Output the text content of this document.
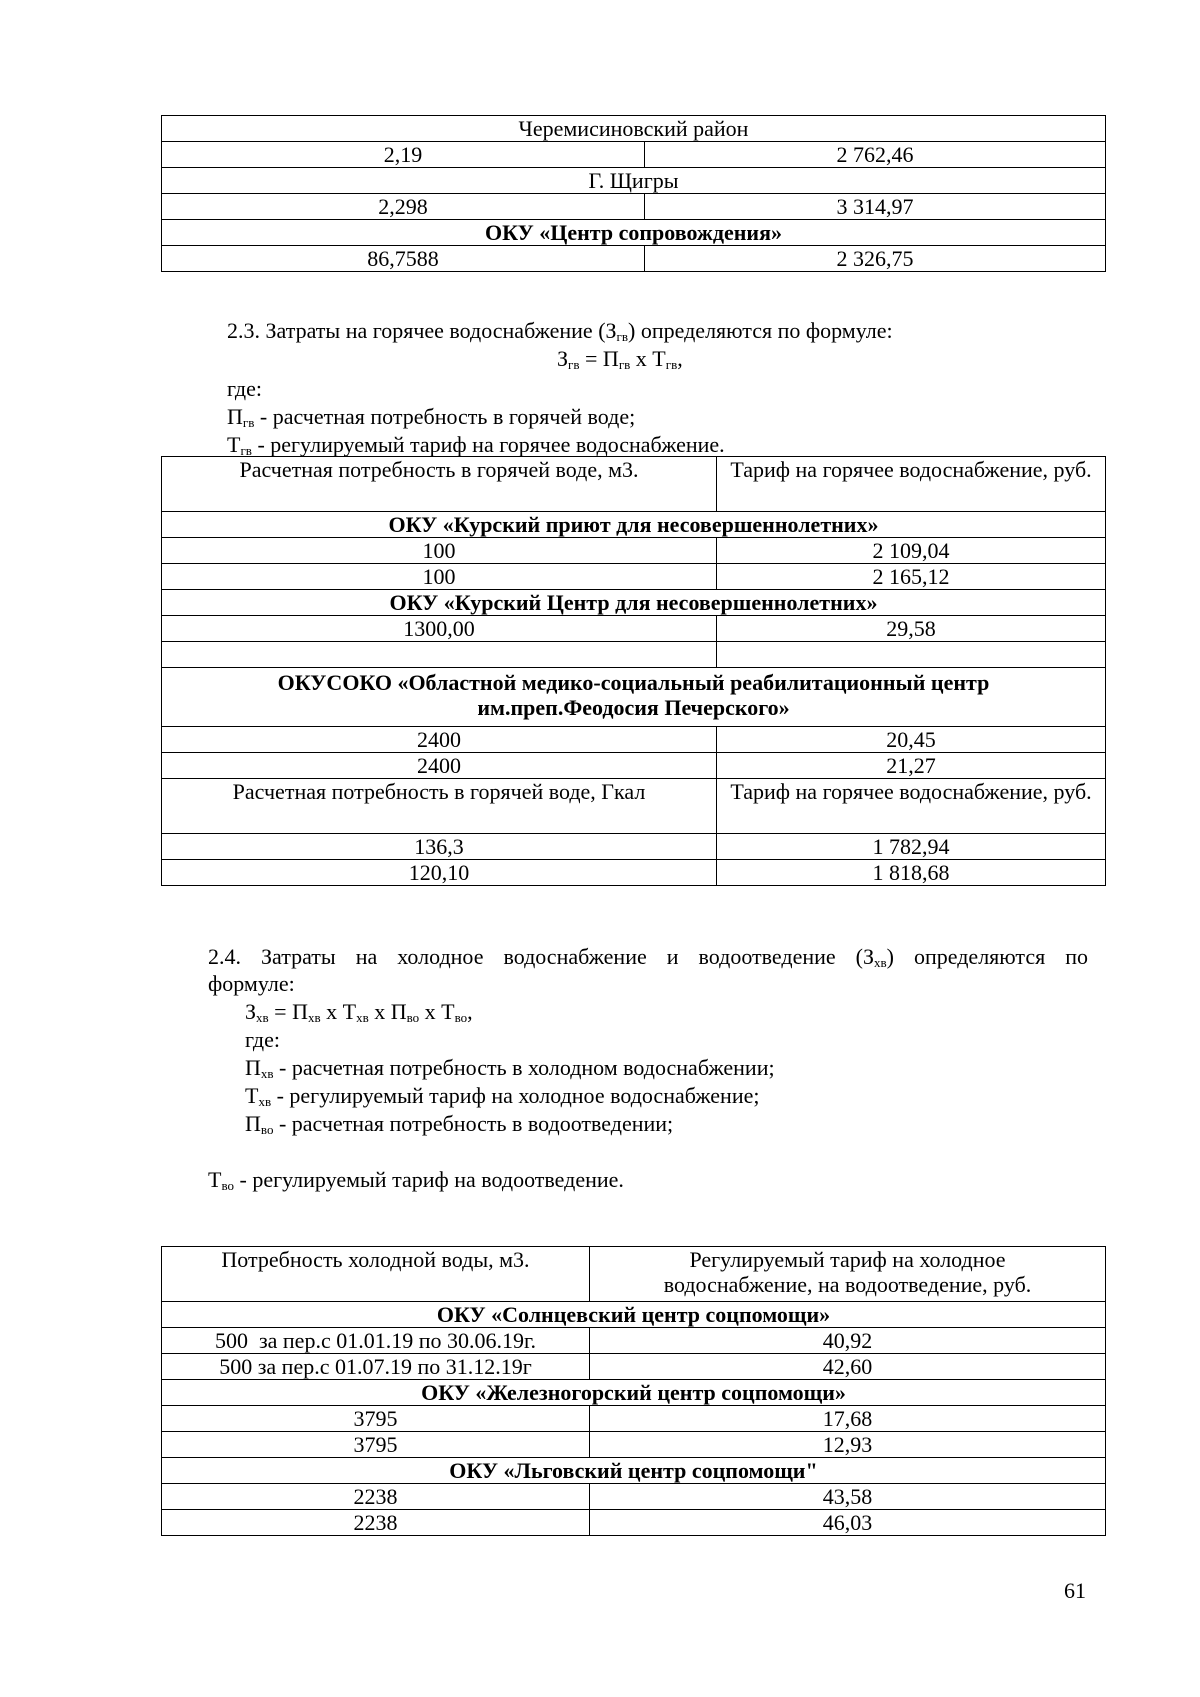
Черемисиновский район	
2,19	2 762,46
Г. Щигры	
2,298	3 314,97
ОКУ «Центр сопровождения»	
86,7588	2 326,75
2.3. Затраты на горячее водоснабжение $(З_{гв})$ определяются по формуле:
$З_{гв} = П_{гв}$ х $Т_{гв}$,
где:
$П_{гв}$ - расчетная потребность в горячей воде;
$Т_{гв}$ - регулируемый тариф на горячее водоснабжение.
Расчетная потребность в горячей воде, м3.	Тариф на горячее водоснабжение, руб.
ОКУ «Курский приют для несовершеннолетних»	
100	2 109,04
100	2 165,12
ОКУ «Курский Центр для несовершеннолетних»	
1300,00	29,58

ОКУСОКО «Областной медико-социальный реабилитационный центр им.преп.Феодосия Печерского»	
2400	20,45
2400	21,27
Расчетная потребность в горячей воде, Гкал	Тариф на горячее водоснабжение, руб.
136,3	1 782,94
120,10	1 818,68
2.4. Затраты на холодное водоснабжение и водоотведение $(З_{хв})$ определяются по
формуле:
$З_{хв} = П_{хв}$ х $Т_{хв}$ х $П_{во}$ х $Т_{во}$,
где:
$П_{хв}$ - расчетная потребность в холодном водоснабжении;
$Т_{хв}$ - регулируемый тариф на холодное водоснабжение;
$П_{во}$ - расчетная потребность в водоотведении;
$Т_{во}$ - регулируемый тариф на водоотведение.
Потребность холодной воды, м3.	Регулируемый тариф на холодное водоснабжение, на водоотведение, руб.
ОКУ «Солнцевский центр соцпомощи»	
500  за пер.с 01.01.19 по 30.06.19г.	40,92
500 за пер.с 01.07.19 по 31.12.19г	42,60
ОКУ «Железногорский центр соцпомощи»	
3795	17,68
3795	12,93
ОКУ «Льговский центр соцпомощи"	
2238	43,58
2238	46,03
61
